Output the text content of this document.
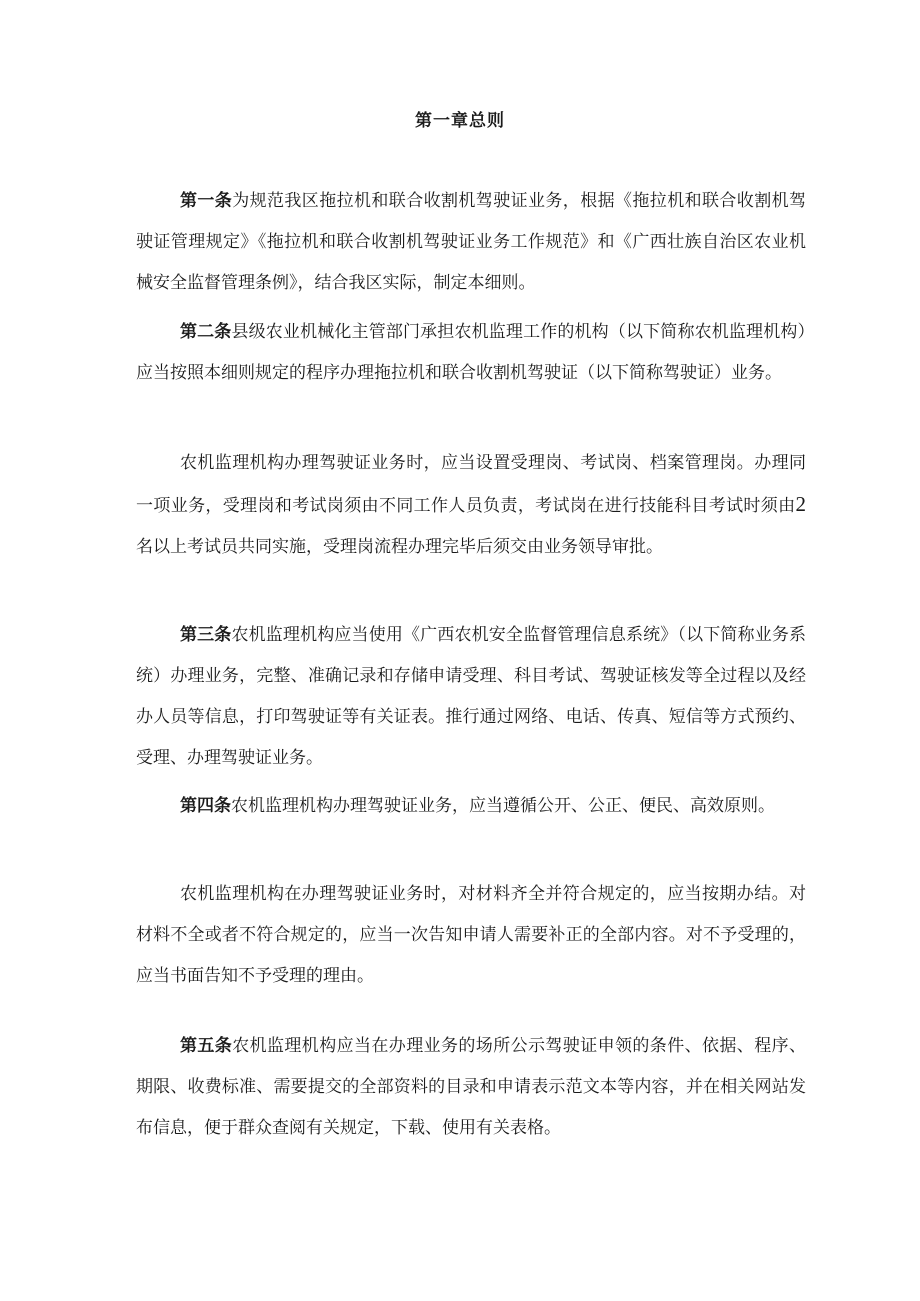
第一章总则

第一条为规范我区拖拉机和联合收割机驾驶证业务，根据《拖拉机和联合收割机驾驶证管理规定》《拖拉机和联合收割机驾驶证业务工作规范》和《广西壮族自治区农业机械安全监督管理条例》，结合我区实际，制定本细则。

第二条县级农业机械化主管部门承担农机监理工作的机构（以下简称农机监理机构）应当按照本细则规定的程序办理拖拉机和联合收割机驾驶证（以下简称驾驶证）业务。

农机监理机构办理驾驶证业务时，应当设置受理岗、考试岗、档案管理岗。办理同一项业务，受理岗和考试岗须由不同工作人员负责，考试岗在进行技能科目考试时须由2名以上考试员共同实施，受理岗流程办理完毕后须交由业务领导审批。

第三条农机监理机构应当使用《广西农机安全监督管理信息系统》（以下简称业务系统）办理业务，完整、准确记录和存储申请受理、科目考试、驾驶证核发等全过程以及经办人员等信息，打印驾驶证等有关证表。推行通过网络、电话、传真、短信等方式预约、受理、办理驾驶证业务。

第四条农机监理机构办理驾驶证业务，应当遵循公开、公正、便民、高效原则。

农机监理机构在办理驾驶证业务时，对材料齐全并符合规定的，应当按期办结。对材料不全或者不符合规定的，应当一次告知申请人需要补正的全部内容。对不予受理的，应当书面告知不予受理的理由。

第五条农机监理机构应当在办理业务的场所公示驾驶证申领的条件、依据、程序、期限、收费标准、需要提交的全部资料的目录和申请表示范文本等内容，并在相关网站发布信息，便于群众查阅有关规定，下载、使用有关表格。
